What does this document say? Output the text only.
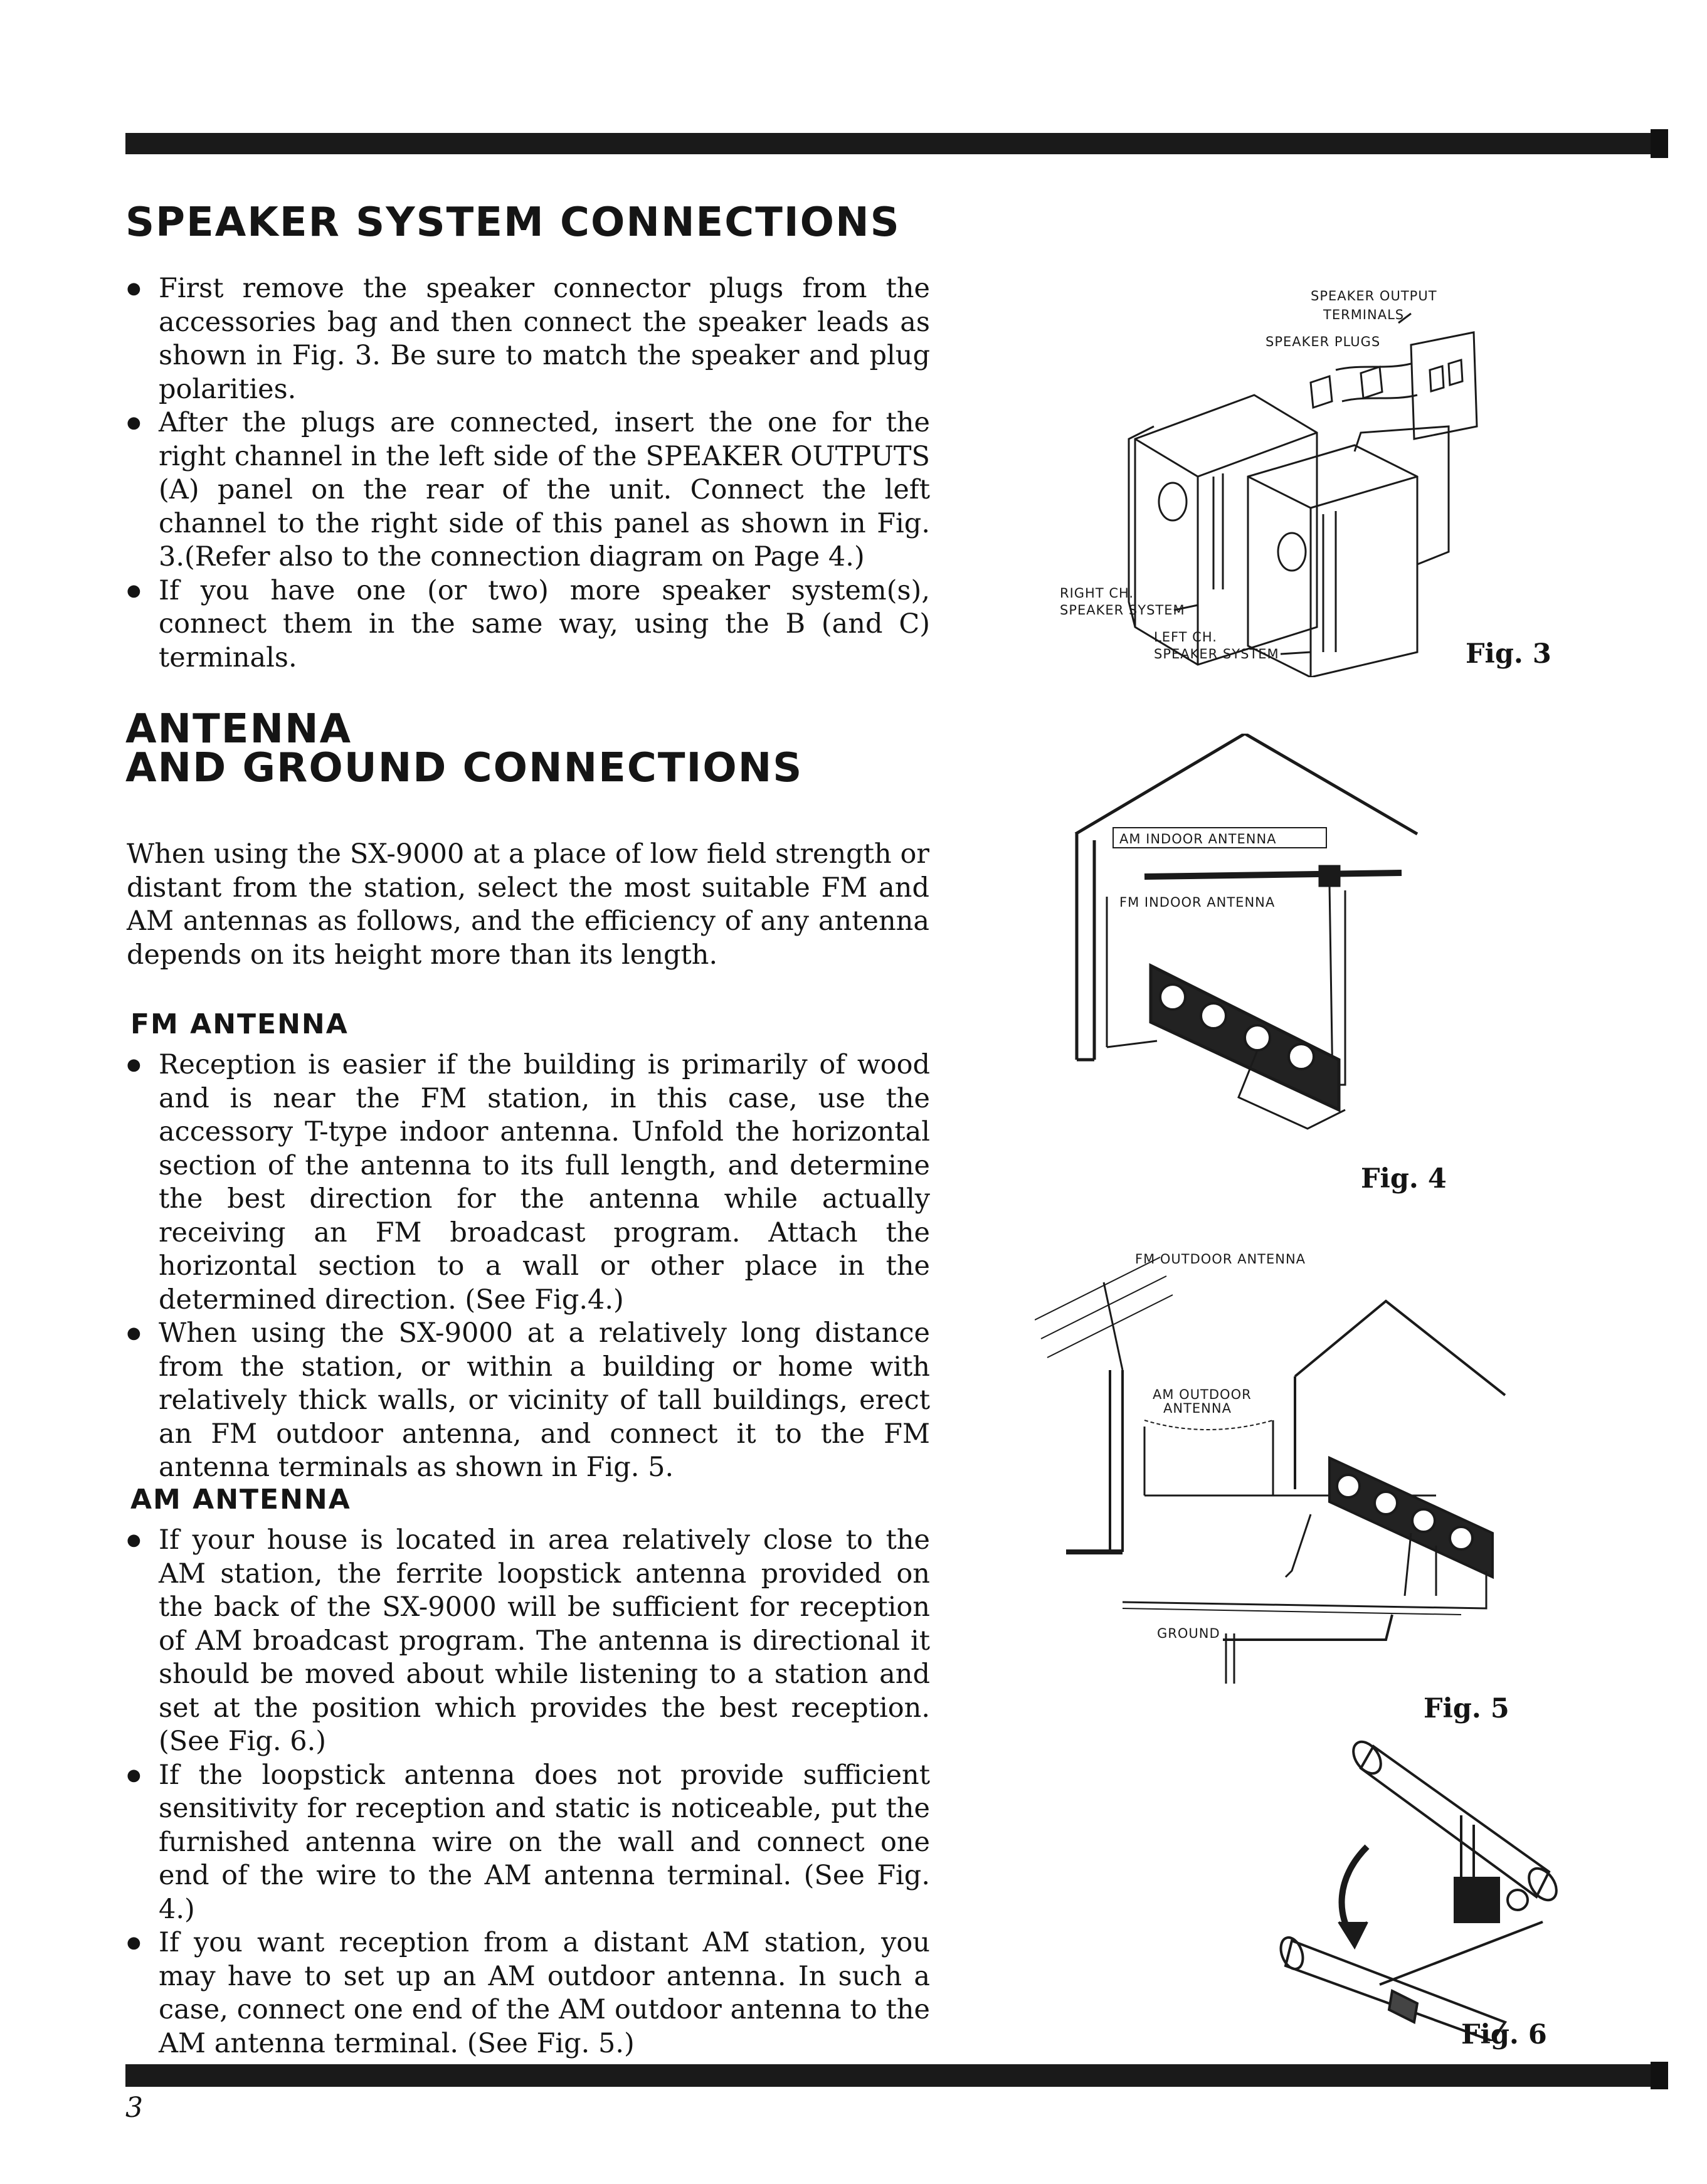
SPEAKER SYSTEM CONNECTIONS
● First remove the speaker connector plugs from the accessories bag and then connect the speaker leads as shown in Fig. 3. Be sure to match the speaker and plug polarities.
● After the plugs are connected, insert the one for the right channel in the left side of the SPEAKER OUTPUTS (A) panel on the rear of the unit. Connect the left channel to the right side of this panel as shown in Fig. 3.(Refer also to the connection diagram on Page 4.)
● If you have one (or two) more speaker system(s), connect them in the same way, using the B (and C) terminals.
ANTENNA
AND GROUND CONNECTIONS

When using the SX-9000 at a place of low field strength or distant from the station, select the most suitable FM and AM antennas as follows, and the efficiency of any antenna depends on its height more than its length.

FM ANTENNA
● Reception is easier if the building is primarily of wood and is near the FM station, in this case, use the accessory T-type indoor antenna. Unfold the horizontal section of the antenna to its full length, and determine the best direction for the antenna while actually receiving an FM broadcast program. Attach the horizontal section to a wall or other place in the determined direction. (See Fig.4.)
● When using the SX-9000 at a relatively long distance from the station, or within a building or home with relatively thick walls, or vicinity of tall buildings, erect an FM outdoor antenna, and connect it to the FM antenna terminals as shown in Fig. 5.
AM ANTENNA
● If your house is located in area relatively close to the AM station, the ferrite loopstick antenna provided on the back of the SX-9000 will be sufficient for reception of AM broadcast program. The antenna is directional it should be moved about while listening to a station and set at the position which provides the best reception. (See Fig. 6.)
● If the loopstick antenna does not provide sufficient sensitivity for reception and static is noticeable, put the furnished antenna wire on the wall and connect one end of the wire to the AM antenna terminal. (See Fig. 4.)
● If you want reception from a distant AM station, you may have to set up an AM outdoor antenna. In such a case, connect one end of the AM outdoor antenna to the AM antenna terminal. (See Fig. 5.)
SPEAKER OUTPUT
TERMINALS
SPEAKER PLUGS
RIGHT CH.
SPEAKER SYSTEM
LEFT CH.
SPEAKER SYSTEM	Fig. 3
AM INDOOR ANTENNA
FM INDOOR ANTENNA
Fig. 4
FM OUTDOOR ANTENNA
AM OUTDOOR
ANTENNA
GROUND
Fig. 5
Fig. 6
3
